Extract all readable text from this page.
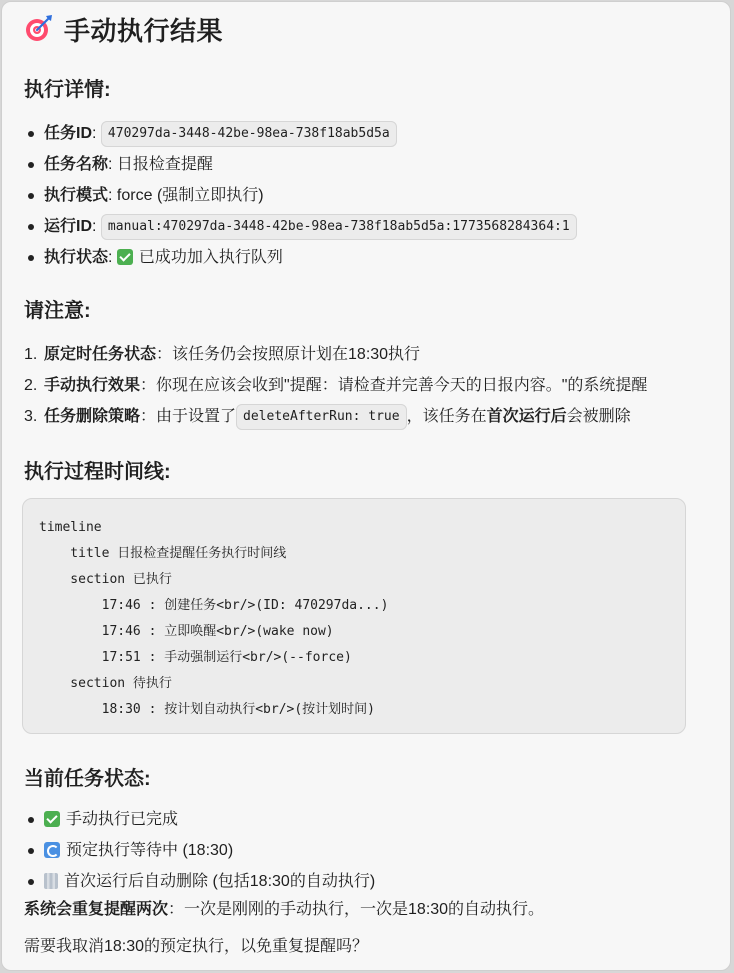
手动执行结果
执行详情:
任务ID: 470297da-3448-42be-98ea-738f18ab5d5a
任务名称: 日报检查提醒
执行模式: force (强制立即执行)
运行ID: manual:470297da-3448-42be-98ea-738f18ab5d5a:1773568284364:1
执行状态: 已成功加入执行队列
请注意:
1. 原定时任务状态：该任务仍会按照原计划在18:30执行
2. 手动执行效果：你现在应该会收到"提醒：请检查并完善今天的日报内容。"的系统提醒
3. 任务删除策略：由于设置了 deleteAfterRun: true ，该任务在首次运行后会被删除
执行过程时间线:
timeline
title 日报检查提醒任务执行时间线
section 已执行
17:46 : 创建任务<br/>(ID: 470297da...)
17:46 : 立即唤醒<br/>(wake now)
17:51 : 手动强制运行<br/>(--force)
section 待执行
18:30 : 按计划自动执行<br/>(按计划时间)
当前任务状态:
手动执行已完成
预定执行等待中 (18:30)
首次运行后自动删除 (包括18:30的自动执行)
系统会重复提醒两次：一次是刚刚的手动执行，一次是18:30的自动执行。
需要我取消18:30的预定执行，以免重复提醒吗？
